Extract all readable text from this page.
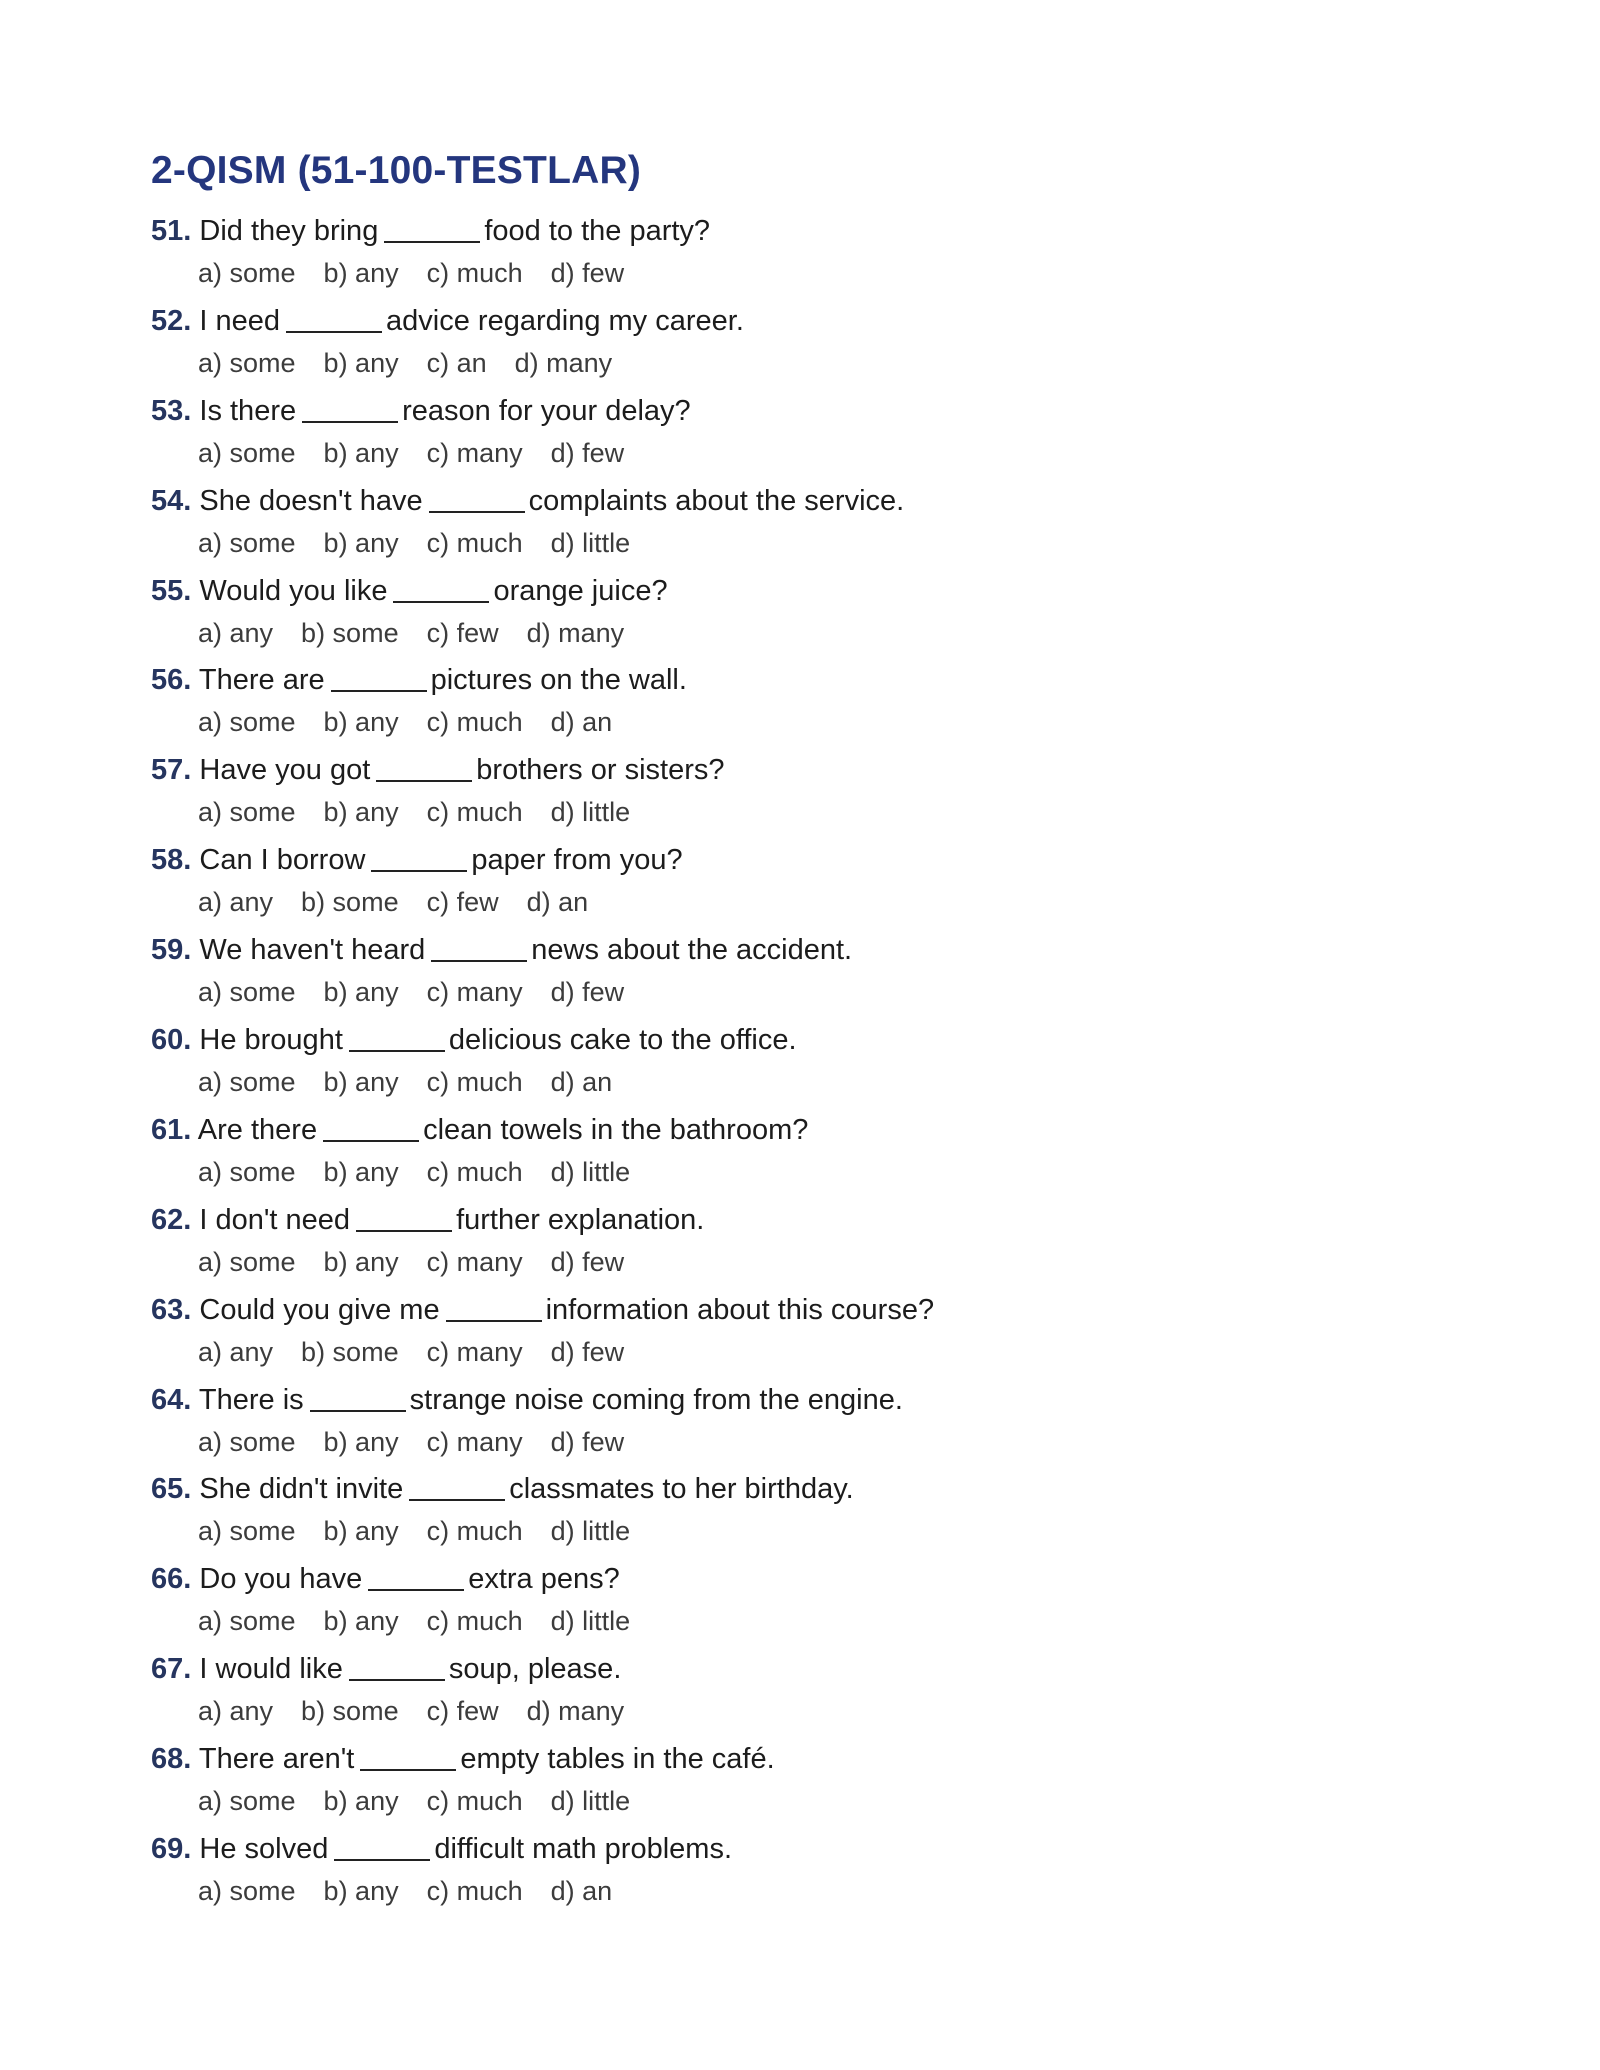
2-QISM (51-100-TESTLAR)
51. Did they bring	food to the party?
a) some b) any c) much d) few
52. I need	advice regarding my career.
a) some b) any c) an d) many
53. Is there	reason for your delay?
a) some b) any c) many d) few
54. She doesn't have	complaints about the service.
a) some b) any c) much d) little
55. Would you like	orange juice?
a) any b) some c) few d) many
56. There are	pictures on the wall.
a) some b) any c) much d) an
57. Have you got	brothers or sisters?
a) some b) any c) much d) little
58. Can I borrow	paper from you?
a) any b) some c) few d) an
59. We haven't heard	news about the accident.
a) some b) any c) many d) few
60. He brought	delicious cake to the office.
a) some b) any c) much d) an
61. Are there	clean towels in the bathroom?
a) some b) any c) much d) little
62. I don't need	further explanation.
a) some b) any c) many d) few
63. Could you give me	information about this course?
a) any b) some c) many d) few
64. There is	strange noise coming from the engine.
a) some b) any c) many d) few
65. She didn't invite	classmates to her birthday.
a) some b) any c) much d) little
66. Do you have	extra pens?
a) some b) any c) much d) little
67. I would like	soup, please.
a) any b) some c) few d) many
68. There aren't	empty tables in the café.
a) some b) any c) much d) little
69. He solved	difficult math problems.
a) some b) any c) much d) an
